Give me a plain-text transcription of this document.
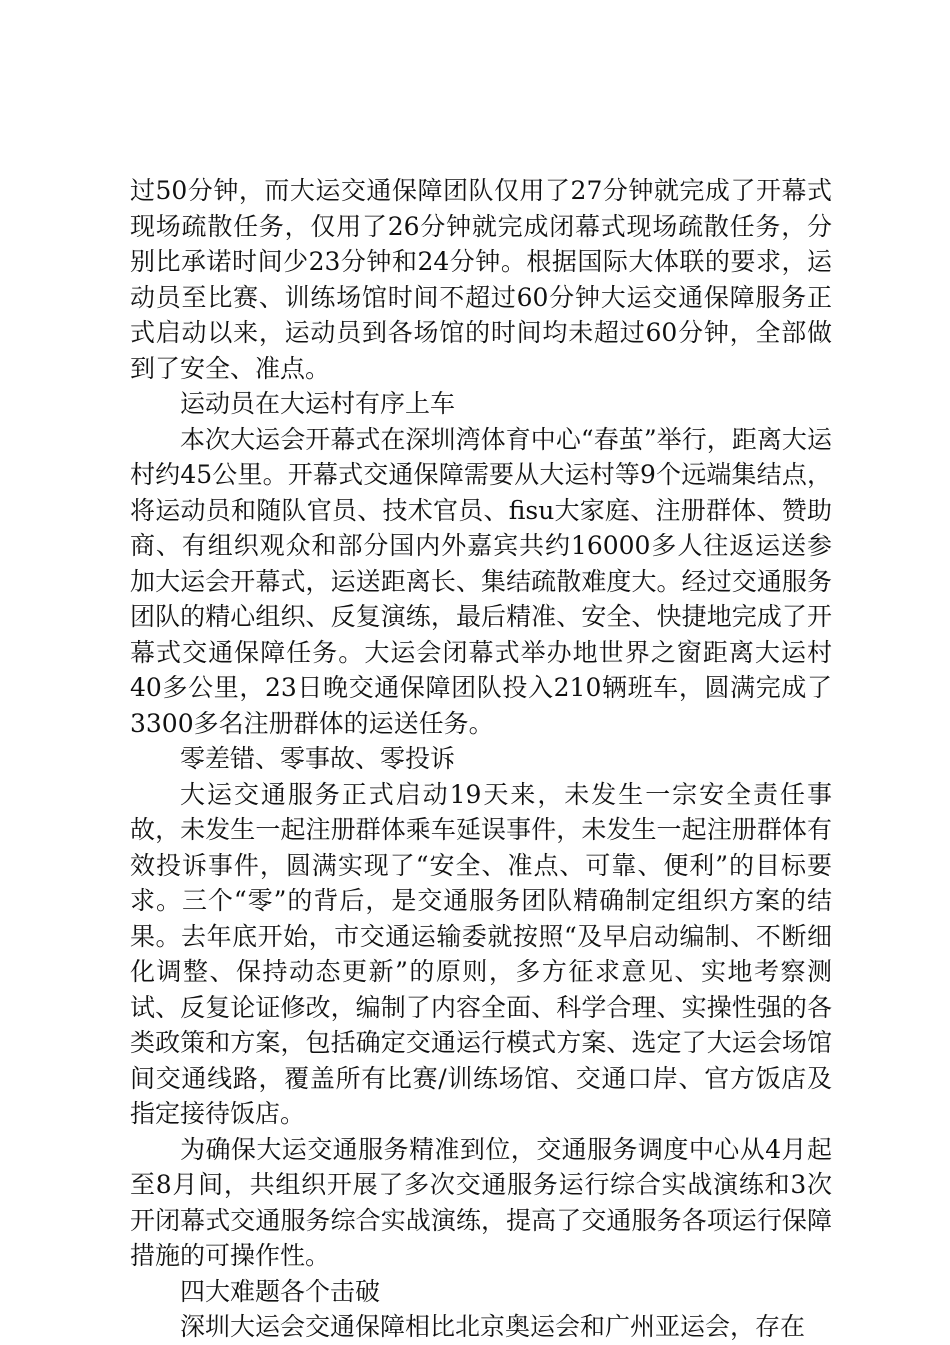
过50分钟，而大运交通保障团队仅用了27分钟就完成了开幕式现场疏散任务，仅用了26分钟就完成闭幕式现场疏散任务，分别比承诺时间少23分钟和24分钟。根据国际大体联的要求，运动员至比赛、训练场馆时间不超过60分钟大运交通保障服务正式启动以来，运动员到各场馆的时间均未超过60分钟，全部做到了安全、准点。

运动员在大运村有序上车

本次大运会开幕式在深圳湾体育中心“春茧”举行，距离大运村约45公里。开幕式交通保障需要从大运村等9个远端集结点，将运动员和随队官员、技术官员、fisu大家庭、注册群体、赞助商、有组织观众和部分国内外嘉宾共约16000多人往返运送参加大运会开幕式，运送距离长、集结疏散难度大。经过交通服务团队的精心组织、反复演练，最后精准、安全、快捷地完成了开幕式交通保障任务。大运会闭幕式举办地世界之窗距离大运村40多公里，23日晚交通保障团队投入210辆班车，圆满完成了3300多名注册群体的运送任务。

零差错、零事故、零投诉

大运交通服务正式启动19天来，未发生一宗安全责任事故，未发生一起注册群体乘车延误事件，未发生一起注册群体有效投诉事件，圆满实现了“安全、准点、可靠、便利”的目标要求。三个“零”的背后，是交通服务团队精确制定组织方案的结果。去年底开始，市交通运输委就按照“及早启动编制、不断细化调整、保持动态更新”的原则，多方征求意见、实地考察测试、反复论证修改，编制了内容全面、科学合理、实操性强的各类政策和方案，包括确定交通运行模式方案、选定了大运会场馆间交通线路，覆盖所有比赛/训练场馆、交通口岸、官方饭店及指定接待饭店。

为确保大运交通服务精准到位，交通服务调度中心从4月起至8月间，共组织开展了多次交通服务运行综合实战演练和3次开闭幕式交通服务综合实战演练，提高了交通服务各项运行保障措施的可操作性。

四大难题各个击破

深圳大运会交通保障相比北京奥运会和广州亚运会，存在
